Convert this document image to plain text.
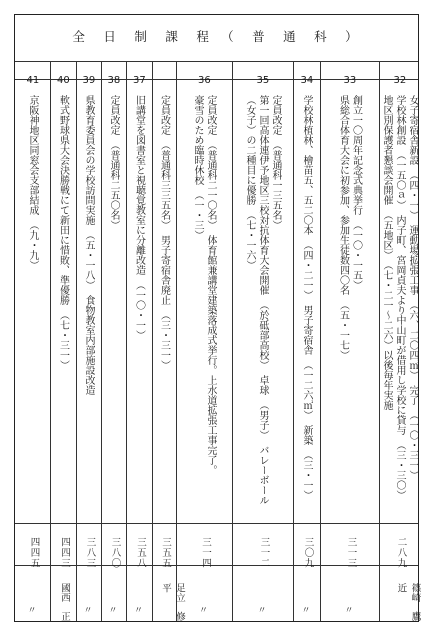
全　日　制　課　程　（　普　通　科　）
41
京阪神地区同窓会支部結成　（九・九）
四四五
〃
40
軟式野球県大会決勝戦にて新田に惜敗、準優勝　（七・三一）
四四三
國西　正
39
県教育委員会の学校訪問実施　（五・一八）　食物教室内部施設改造
三八三
〃
38
定員改定　（普通科二五〇名）
三八〇
〃
37
旧講堂を図書室と視聴覚教室に分離改造　（一〇・一）
三五八
〃
定員改定　（普通科三三五名）　男子寄宿舎廃止　（三・三一）
三五五
足立　修平
36
定員改定　（普通科二一〇名）　体育館兼講堂建築落成式挙行。上水道拡張工事完了。
豪雪のため臨時休校　（一・三）
三一四
〃
35
定員改定　（普通科一三五名）
第一回高体連伊予地区三校対抗体育大会開催　（於砥部高校）　卓球　（男子）　バレーボール
（女子）の二種目に優勝　（七・一六）
三一二
〃
34
学校林植林、檜苗五、五二〇本　（四・二一）　男子寄宿舎　（一二六㎡）　新築　（三・一）
三〇九
〃
33
創立一〇周年記念式典挙行　（一〇・一五）
県総合体育大会に初参加、参加生徒数四〇名　（五・一七）
三一三
〃
32
女子寄宿舎新設　（四・一）　運動場拡張工事　（六、二〇四㎡）　完了　（一〇・三一）
学校林創設　（一五〇ａ）　内子町、宮岡貞夫より中山町が借用し学校に貸与　（三・三〇）
地区別保護者懇談会開催　（五地区）　（七・二一～二六）以後毎年実施
二八九
篠崎　鷹近
